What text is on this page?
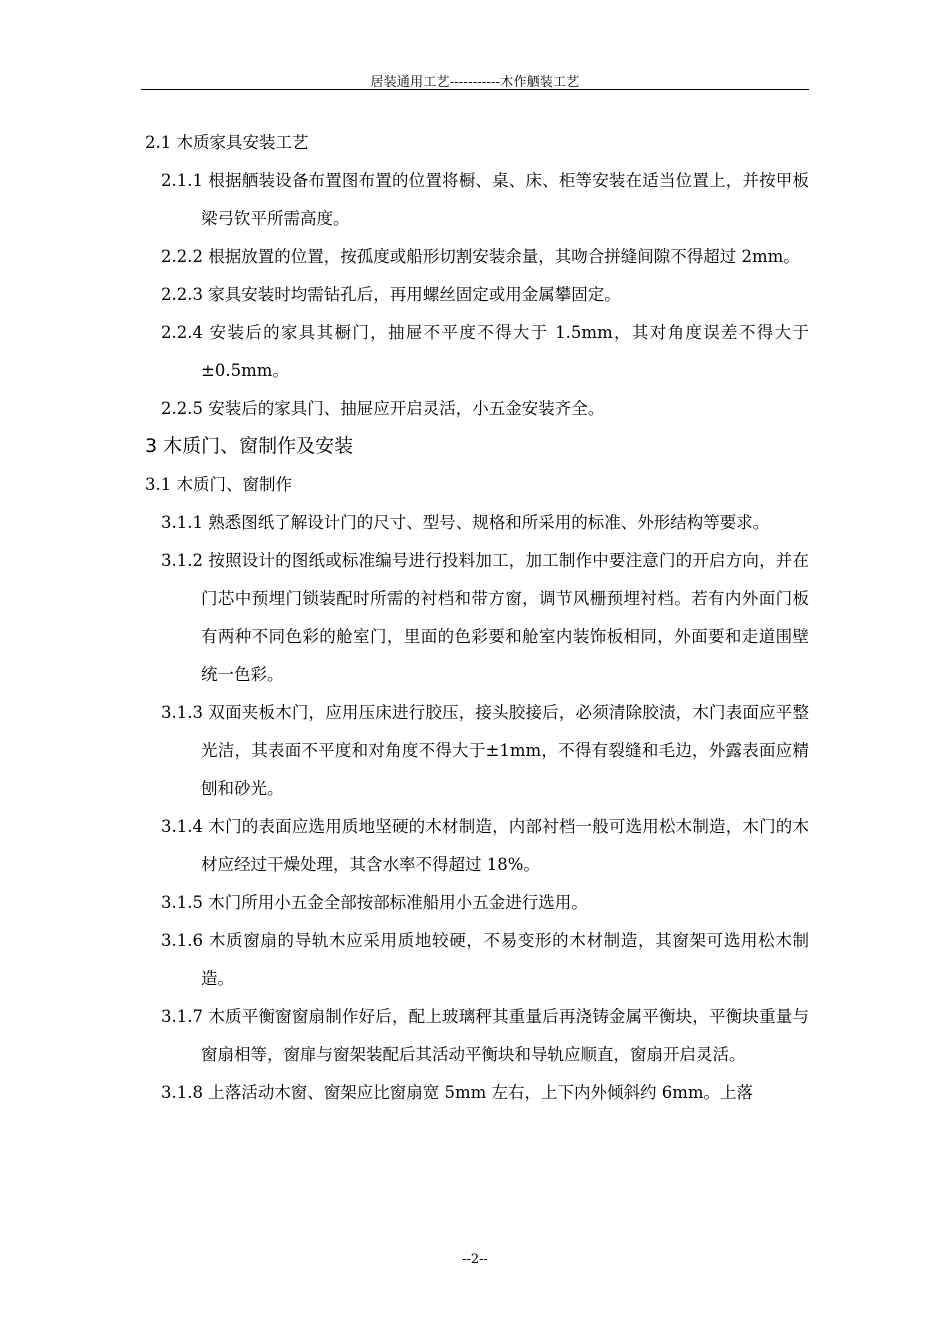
居装通用工艺-----------木作舾装工艺
2.1 木质家具安装工艺
2.1.1 根据舾装设备布置图布置的位置将橱、桌、床、柜等安装在适当位置上，并按甲板梁弓钦平所需高度。
2.2.2 根据放置的位置，按孤度或船形切割安装余量，其吻合拼缝间隙不得超过 2mm。
2.2.3 家具安装时均需钻孔后，再用螺丝固定或用金属攀固定。
2.2.4 安装后的家具其橱门，抽屉不平度不得大于 1.5mm，其对角度误差不得大于±0.5mm。
2.2.5 安装后的家具门、抽屉应开启灵活，小五金安装齐全。
3 木质门、窗制作及安装
3.1 木质门、窗制作
3.1.1 熟悉图纸了解设计门的尺寸、型号、规格和所采用的标准、外形结构等要求。
3.1.2 按照设计的图纸或标准编号进行投料加工，加工制作中要注意门的开启方向，并在门芯中预埋门锁装配时所需的衬档和带方窗，调节风栅预埋衬档。若有内外面门板有两种不同色彩的舱室门，里面的色彩要和舱室内装饰板相同，外面要和走道围壁统一色彩。
3.1.3 双面夹板木门，应用压床进行胶压，接头胶接后，必须清除胶渍，木门表面应平整光洁，其表面不平度和对角度不得大于±1mm，不得有裂缝和毛边，外露表面应精刨和砂光。
3.1.4 木门的表面应选用质地坚硬的木材制造，内部衬档一般可选用松木制造，木门的木材应经过干燥处理，其含水率不得超过 18%。
3.1.5 木门所用小五金全部按部标准船用小五金进行选用。
3.1.6 木质窗扇的导轨木应采用质地较硬，不易变形的木材制造，其窗架可选用松木制造。
3.1.7 木质平衡窗窗扇制作好后，配上玻璃秤其重量后再浇铸金属平衡块，平衡块重量与窗扇相等，窗扉与窗架装配后其活动平衡块和导轨应顺直，窗扇开启灵活。
3.1.8 上落活动木窗、窗架应比窗扇宽 5mm 左右，上下内外倾斜约 6mm。上落
--2--
